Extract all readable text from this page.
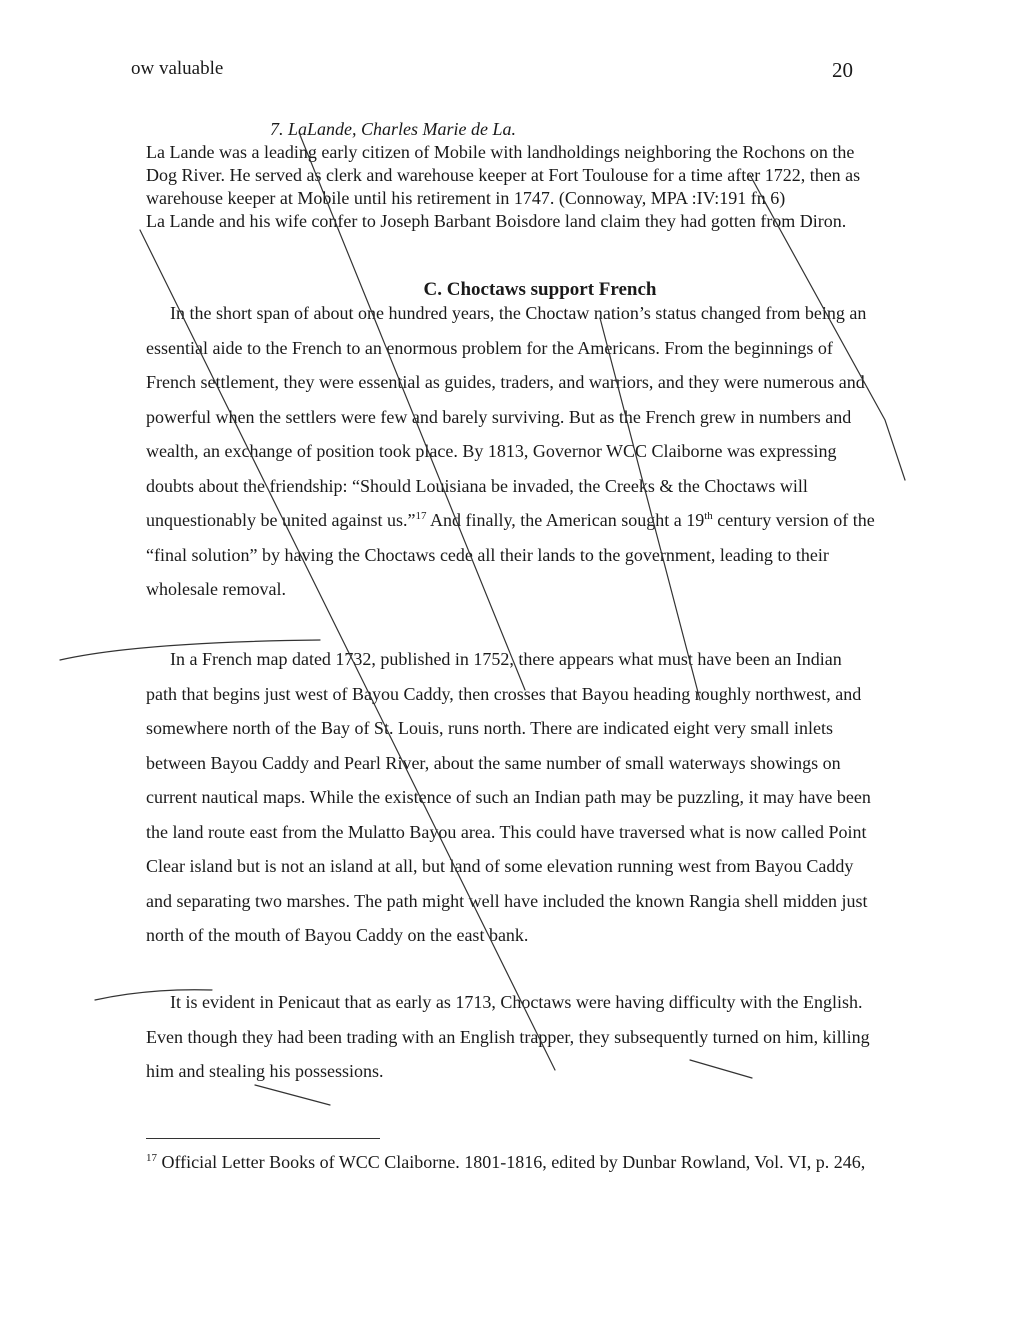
ow valuable	20
7. LaLande, Charles Marie de La.

La Lande was a leading early citizen of Mobile with landholdings neighboring the Rochons on the Dog River. He served as clerk and warehouse keeper at Fort Toulouse for a time after 1722, then as warehouse keeper at Mobile until his retirement in 1747. (Connoway, MPA :IV:191 fn 6)

La Lande and his wife confer to Joseph Barbant Boisdore land claim they had gotten from Diron.

C. Choctaws support French

In the short span of about one hundred years, the Choctaw nation’s status changed from being an essential aide to the French to an enormous problem for the Americans. From the beginnings of French settlement, they were essential as guides, traders, and warriors, and they were numerous and powerful when the settlers were few and barely surviving. But as the French grew in numbers and wealth, an exchange of position took place. By 1813, Governor WCC Claiborne was expressing doubts about the friendship: “Should Louisiana be invaded, the Creeks & the Choctaws will unquestionably be united against us.”$^{17}$ And finally, the American sought a 19th century version of the “final solution” by having the Choctaws cede all their lands to the government, leading to their wholesale removal.

In a French map dated 1732, published in 1752, there appears what must have been an Indian path that begins just west of Bayou Caddy, then crosses that Bayou heading roughly northwest, and somewhere north of the Bay of St. Louis, runs north. There are indicated eight very small inlets between Bayou Caddy and Pearl River, about the same number of small waterways showings on current nautical maps. While the existence of such an Indian path may be puzzling, it may have been the land route east from the Mulatto Bayou area. This could have traversed what is now called Point Clear island but is not an island at all, but land of some elevation running west from Bayou Caddy and separating two marshes. The path might well have included the known Rangia shell midden just north of the mouth of Bayou Caddy on the east bank.

It is evident in Penicaut that as early as 1713, Choctaws were having difficulty with the English. Even though they had been trading with an English trapper, they subsequently turned on him, killing him and stealing his possessions.

$^{17}$ Official Letter Books of WCC Claiborne. 1801-1816, edited by Dunbar Rowland, Vol. VI, p. 246,
